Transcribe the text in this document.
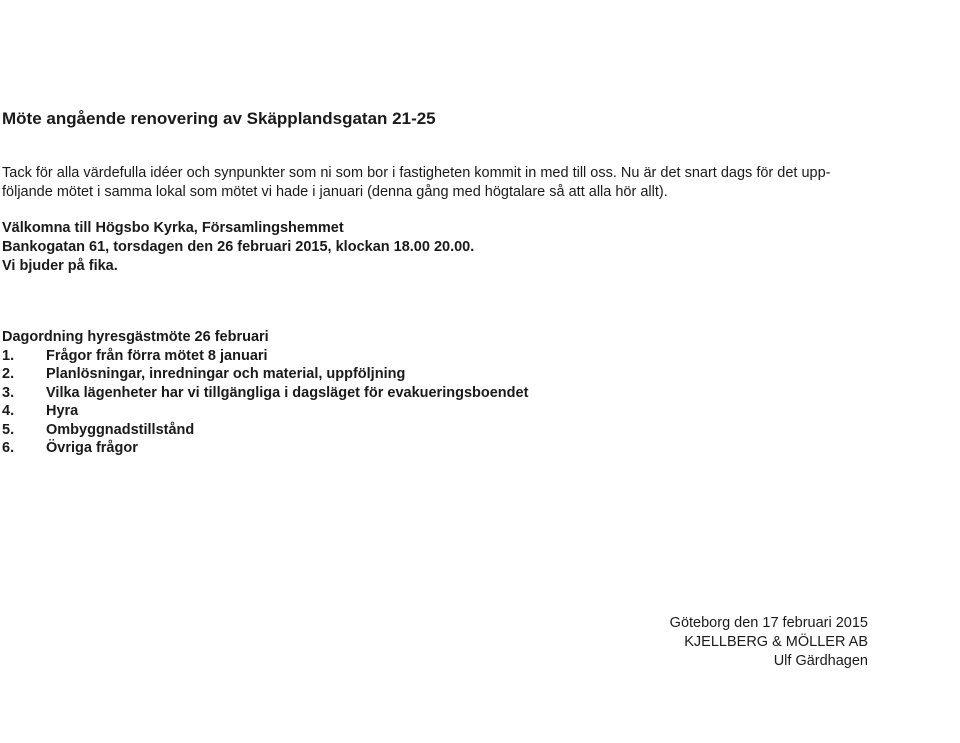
Möte angående renovering av Skäpplandsgatan 21-25

Tack för alla värdefulla idéer och synpunkter som ni som bor i fastigheten kommit in med till oss. Nu är det snart dags för det upp-
följande mötet i samma lokal som mötet vi hade i januari (denna gång med högtalare så att alla hör allt).

Välkomna till Högsbo Kyrka, Församlingshemmet
Bankogatan 61, torsdagen den 26 februari 2015, klockan 18.00 20.00.
Vi bjuder på fika.

Dagordning hyresgästmöte 26 februari
1.	Frågor från förra mötet 8 januari
2.	Planlösningar, inredningar och material, uppföljning
3.	Vilka lägenheter har vi tillgängliga i dagsläget för evakueringsboendet
4.	Hyra
5.	Ombyggnadstillstånd
6.	Övriga frågor
Göteborg den 17 februari 2015
KJELLBERG & MÖLLER AB
Ulf Gärdhagen
